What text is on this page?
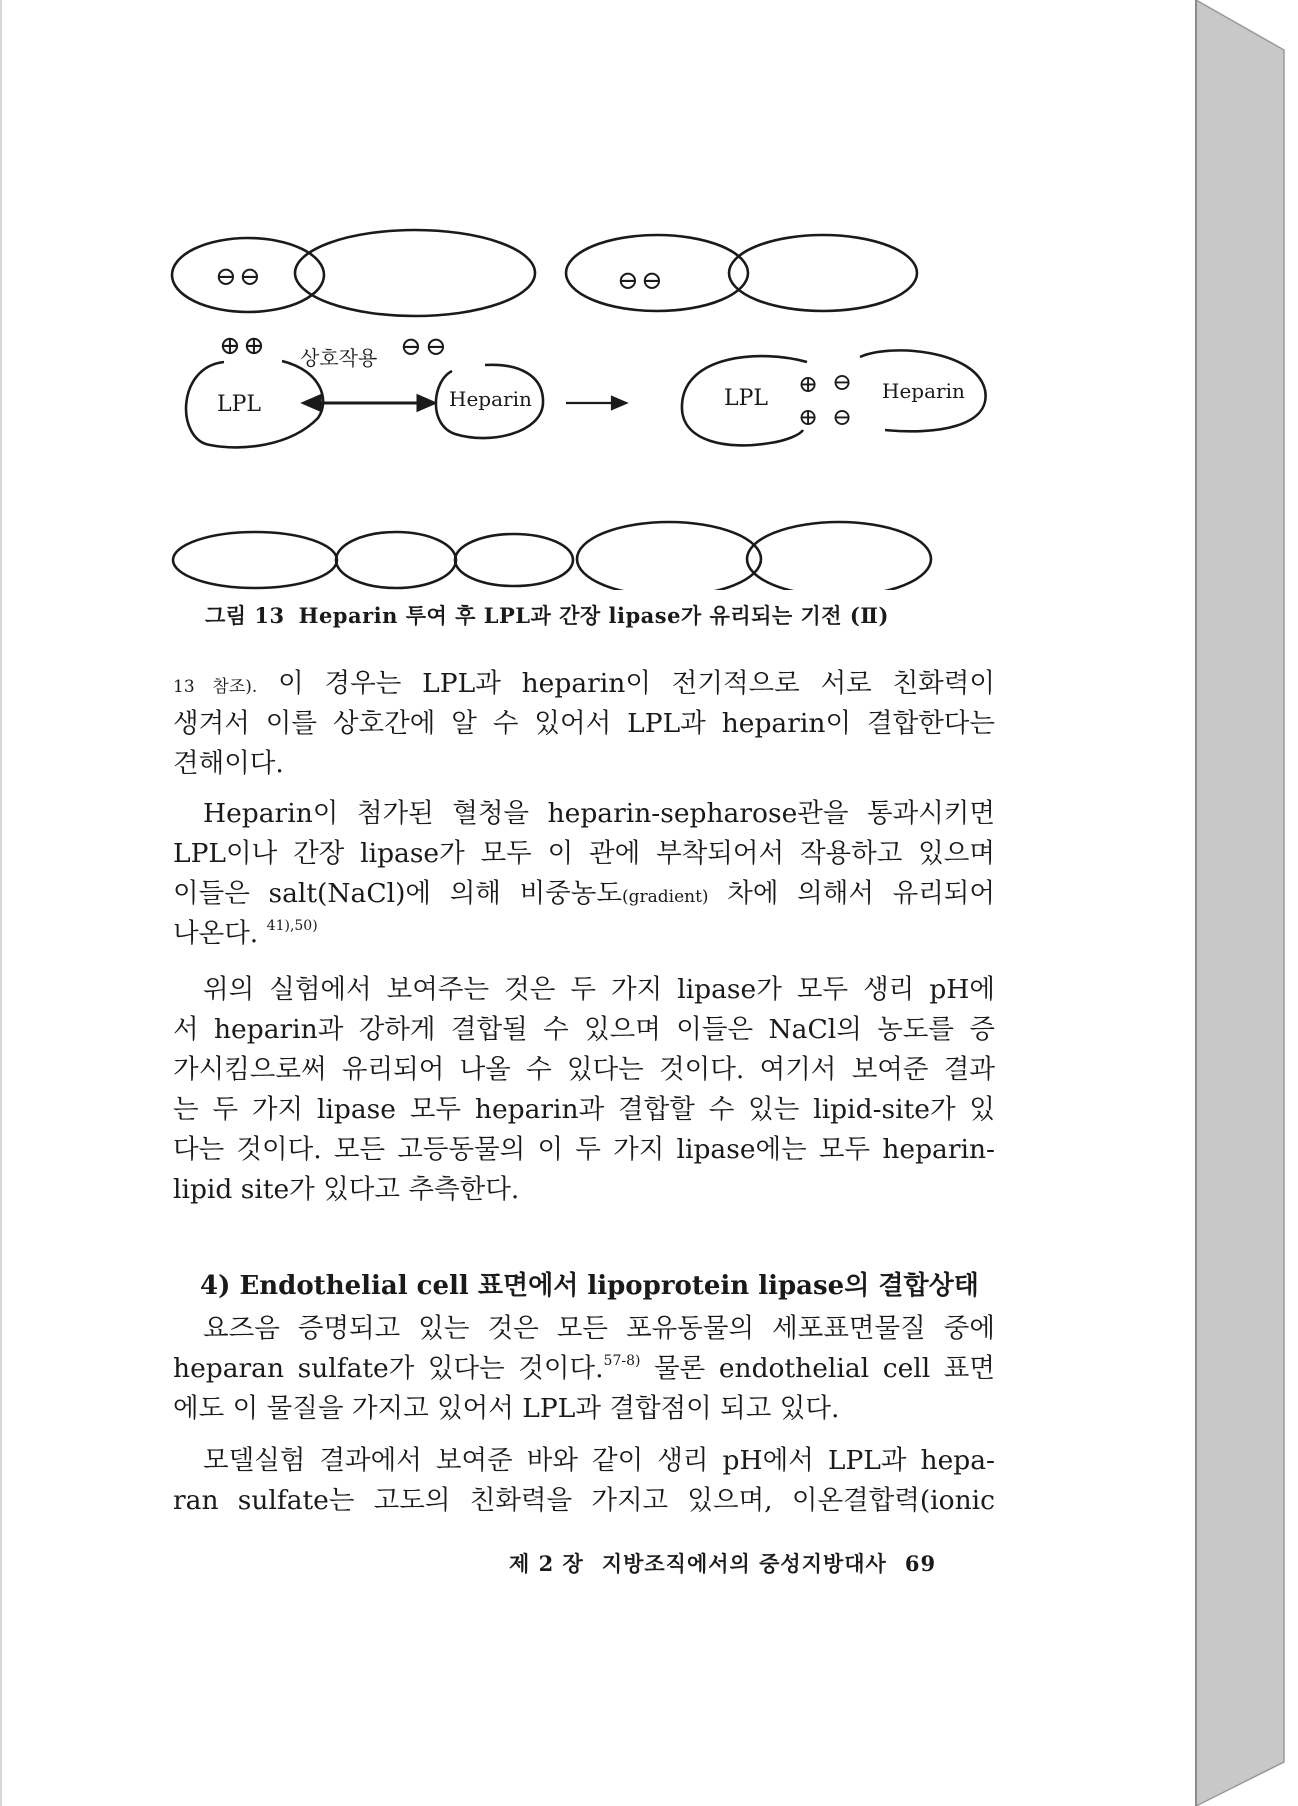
⊖ ⊖
⊕ ⊕ 상호작용 ⊖ ⊖
LPL	Heparin
⊖ ⊖
LPL
⊕
⊕
⊖
⊖
Heparin
그림 13 Heparin 투여 후 LPL과 간장 lipase가 유리되는 기전 (Ⅱ)
13 참조). 이 경우는 LPL과 heparin이 전기적으로 서로 친화력이
생겨서 이를 상호간에 알 수 있어서 LPL과 heparin이 결합한다는
견해이다.
Heparin이 첨가된 혈청을 heparin-sepharose관을 통과시키면
LPL이나 간장 lipase가 모두 이 관에 부착되어서 작용하고 있으며
이들은 salt(NaCl)에 의해 비중농도(gradient) 차에 의해서 유리되어
나온다. $^{41),50)}$
위의 실험에서 보여주는 것은 두 가지 lipase가 모두 생리 pH에
서 heparin과 강하게 결합될 수 있으며 이들은 NaCl의 농도를 증
가시킴으로써 유리되어 나올 수 있다는 것이다. 여기서 보여준 결과
는 두 가지 lipase 모두 heparin과 결합할 수 있는 lipid-site가 있
다는 것이다. 모든 고등동물의 이 두 가지 lipase에는 모두 heparin-
lipid site가 있다고 추측한다.
4) Endothelial cell 표면에서 lipoprotein lipase의 결합상태
요즈음 증명되고 있는 것은 모든 포유동물의 세포표면물질 중에
heparan sulfate가 있다는 것이다.$^{57-8)}$ 물론 endothelial cell 표면
에도 이 물질을 가지고 있어서 LPL과 결합점이 되고 있다.
모델실험 결과에서 보여준 바와 같이 생리 pH에서 LPL과 hepa-
ran sulfate는 고도의 친화력을 가지고 있으며, 이온결합력(ionic
제 2 장 지방조직에서의 중성지방대사 69
